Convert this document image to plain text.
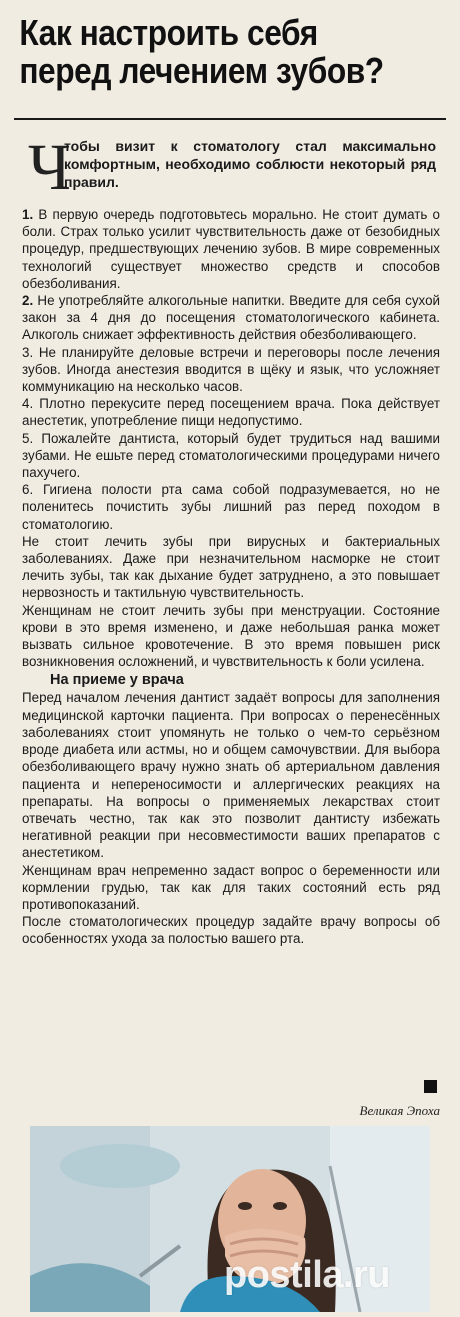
Как настроить себя
перед лечением зубов?
Ч
тобы визит к стоматологу стал максимально комфортным, необходимо соблюсти некоторый ряд правил.

1. В первую очередь подготовьтесь морально. Не стоит думать о боли. Страх только усилит чувствительность даже от безобидных процедур, предшествующих лечению зубов. В мире современных технологий существует множество средств и способов обезболивания.

2. Не употребляйте алкогольные напитки. Введите для себя сухой закон за 4 дня до посещения стоматологического кабинета. Алкоголь снижает эффективность действия обезболивающего.

3. Не планируйте деловые встречи и переговоры после лечения зубов. Иногда анестезия вводится в щёку и язык, что усложняет коммуникацию на несколько часов.

4. Плотно перекусите перед посещением врача. Пока действует анестетик, употребление пищи недопустимо.

5. Пожалейте дантиста, который будет трудиться над вашими зубами. Не ешьте перед стоматологическими процедурами ничего пахучего.

6. Гигиена полости рта сама собой подразумевается, но не поленитесь почистить зубы лишний раз перед походом в стоматологию.

Не стоит лечить зубы при вирусных и бактериальных заболеваниях. Даже при незначительном насморке не стоит лечить зубы, так как дыхание будет затруднено, а это повышает нервозность и тактильную чувствительность.

Женщинам не стоит лечить зубы при менструации. Состояние крови в это время изменено, и даже небольшая ранка может вызвать сильное кровотечение. В это время повышен риск возникновения осложнений, и чувствительность к боли усилена.

На приеме у врача

Перед началом лечения дантист задаёт вопросы для заполнения медицинской карточки пациента. При вопросах о перенесённых заболеваниях стоит упомянуть не только о чем-то серьёзном вроде диабета или астмы, но и общем самочувствии. Для выбора обезболивающего врачу нужно знать об артериальном давления пациента и непереносимости и аллергических реакциях на препараты. На вопросы о применяемых лекарствах стоит отвечать честно, так как это позволит дантисту избежать негативной реакции при несовместимости ваших препаратов с анестетиком.

Женщинам врач непременно задаст вопрос о беременности или кормлении грудью, так как для таких состояний есть ряд противопоказаний.

После стоматологических процедур задайте врачу вопросы об особенностях ухода за полостью вашего рта.

Великая Эпоха
postila.ru
